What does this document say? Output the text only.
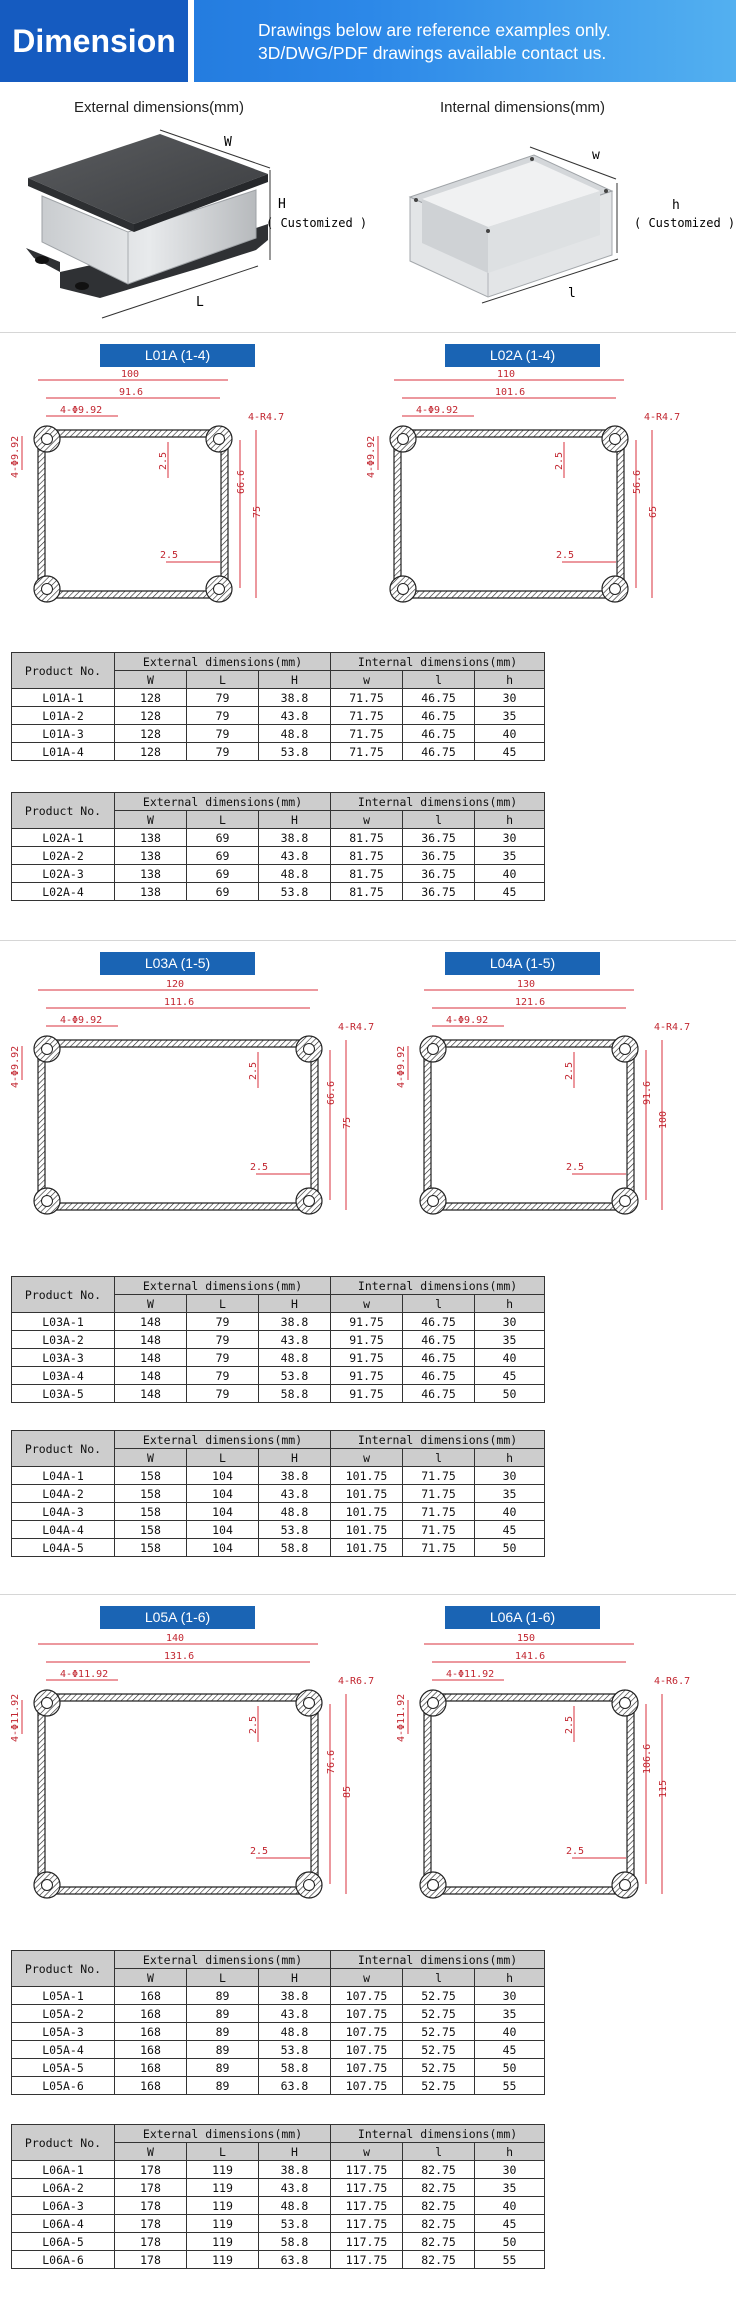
Dimension	Drawings below are reference examples only.
3D/DWG/PDF drawings available contact us.
External dimensions(mm)
W
H
( Customized )
L
Internal dimensions(mm)
w
h
( Customized )
l
L01A (1-4)
100
91.6
4-Φ9.92
4-R4.7
75
66.6
2.5
2.5
4-Φ9.92
Product No.	External dimensions(mm)			Internal dimensions(mm)		
	W	L	H	w	l	h
L01A-1	128	79	38.8	71.75	46.75	30
L01A-2	128	79	43.8	71.75	46.75	35
L01A-3	128	79	48.8	71.75	46.75	40
L01A-4	128	79	53.8	71.75	46.75	45
L02A (1-4)
110
101.6
4-Φ9.92
4-R4.7
65
56.6
2.5
2.5
4-Φ9.92
Product No.	External dimensions(mm)			Internal dimensions(mm)		
	W	L	H	w	l	h
L02A-1	138	69	38.8	81.75	36.75	30
L02A-2	138	69	43.8	81.75	36.75	35
L02A-3	138	69	48.8	81.75	36.75	40
L02A-4	138	69	53.8	81.75	36.75	45
L03A (1-5)
120
111.6
4-Φ9.92
4-R4.7
75
66.6
2.5
2.5
4-Φ9.92
Product No.	External dimensions(mm)			Internal dimensions(mm)		
	W	L	H	w	l	h
L03A-1	148	79	38.8	91.75	46.75	30
L03A-2	148	79	43.8	91.75	46.75	35
L03A-3	148	79	48.8	91.75	46.75	40
L03A-4	148	79	53.8	91.75	46.75	45
L03A-5	148	79	58.8	91.75	46.75	50
L04A (1-5)
130
121.6
4-Φ9.92
4-R4.7
100
91.6
2.5
2.5
4-Φ9.92
Product No.	External dimensions(mm)			Internal dimensions(mm)		
	W	L	H	w	l	h
L04A-1	158	104	38.8	101.75	71.75	30
L04A-2	158	104	43.8	101.75	71.75	35
L04A-3	158	104	48.8	101.75	71.75	40
L04A-4	158	104	53.8	101.75	71.75	45
L04A-5	158	104	58.8	101.75	71.75	50
L05A (1-6)
140
131.6
4-Φ11.92
4-R6.7
85
76.6
2.5
2.5
4-Φ11.92
Product No.	External dimensions(mm)			Internal dimensions(mm)		
	W	L	H	w	l	h
L05A-1	168	89	38.8	107.75	52.75	30
L05A-2	168	89	43.8	107.75	52.75	35
L05A-3	168	89	48.8	107.75	52.75	40
L05A-4	168	89	53.8	107.75	52.75	45
L05A-5	168	89	58.8	107.75	52.75	50
L05A-6	168	89	63.8	107.75	52.75	55
L06A (1-6)
150
141.6
4-Φ11.92
4-R6.7
115
106.6
2.5
2.5
4-Φ11.92
Product No.	External dimensions(mm)			Internal dimensions(mm)		
	W	L	H	w	l	h
L06A-1	178	119	38.8	117.75	82.75	30
L06A-2	178	119	43.8	117.75	82.75	35
L06A-3	178	119	48.8	117.75	82.75	40
L06A-4	178	119	53.8	117.75	82.75	45
L06A-5	178	119	58.8	117.75	82.75	50
L06A-6	178	119	63.8	117.75	82.75	55
